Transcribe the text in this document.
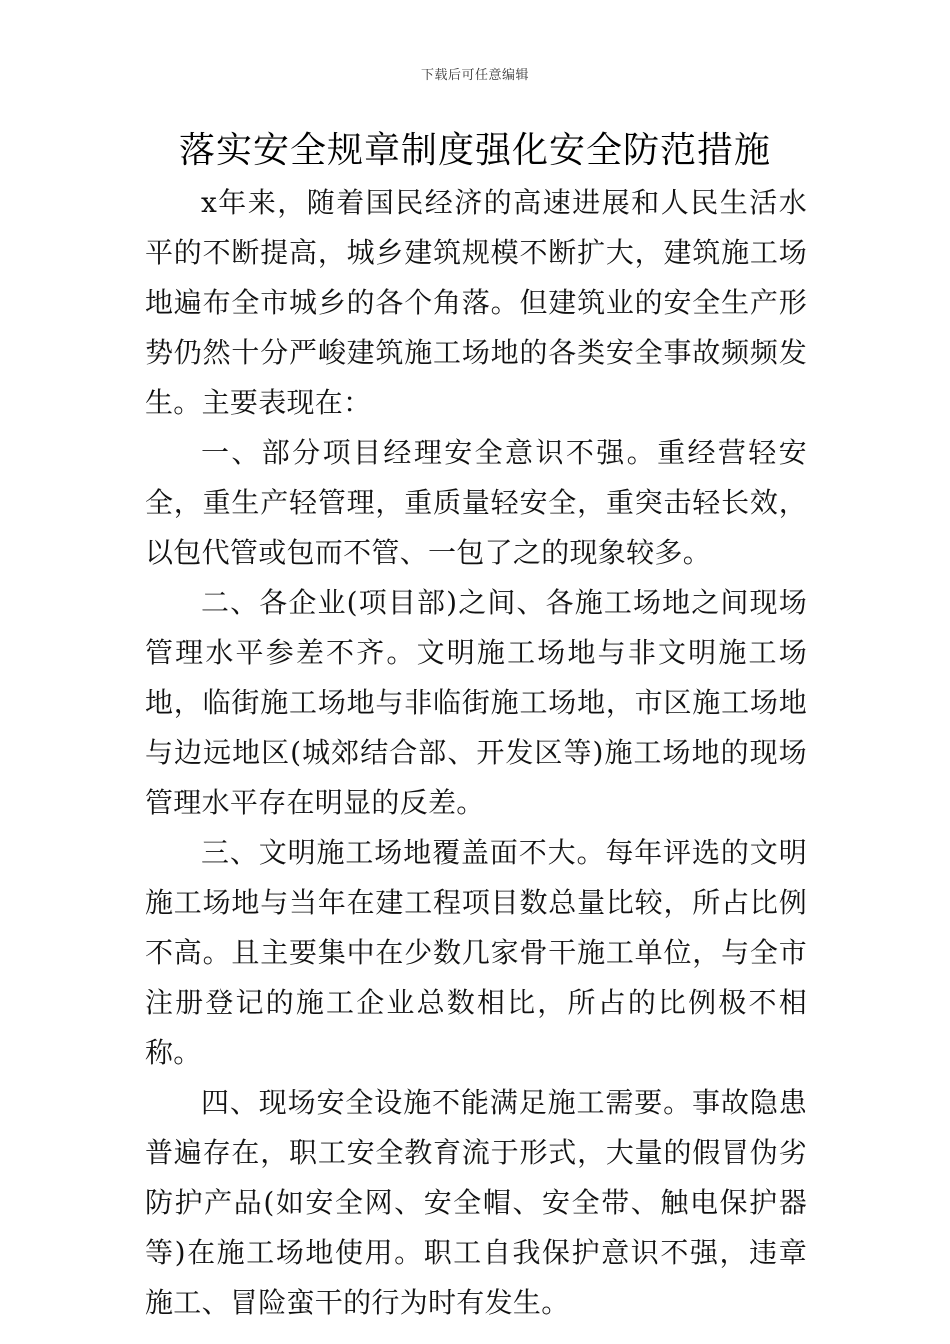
下载后可任意编辑
落实安全规章制度强化安全防范措施

x年来，随着国民经济的高速进展和人民生活水平的不断提高，城乡建筑规模不断扩大，建筑施工场地遍布全市城乡的各个角落。但建筑业的安全生产形势仍然十分严峻建筑施工场地的各类安全事故频频发生。主要表现在：

一、部分项目经理安全意识不强。重经营轻安全，重生产轻管理，重质量轻安全，重突击轻长效，以包代管或包而不管、一包了之的现象较多。

二、各企业(项目部)之间、各施工场地之间现场管理水平参差不齐。文明施工场地与非文明施工场地，临街施工场地与非临街施工场地，市区施工场地与边远地区(城郊结合部、开发区等)施工场地的现场管理水平存在明显的反差。

三、文明施工场地覆盖面不大。每年评选的文明施工场地与当年在建工程项目数总量比较，所占比例不高。且主要集中在少数几家骨干施工单位，与全市注册登记的施工企业总数相比，所占的比例极不相称。

四、现场安全设施不能满足施工需要。事故隐患普遍存在，职工安全教育流于形式，大量的假冒伪劣防护产品(如安全网、安全帽、安全带、触电保护器等)在施工场地使用。职工自我保护意识不强，违章施工、冒险蛮干的行为时有发生。
